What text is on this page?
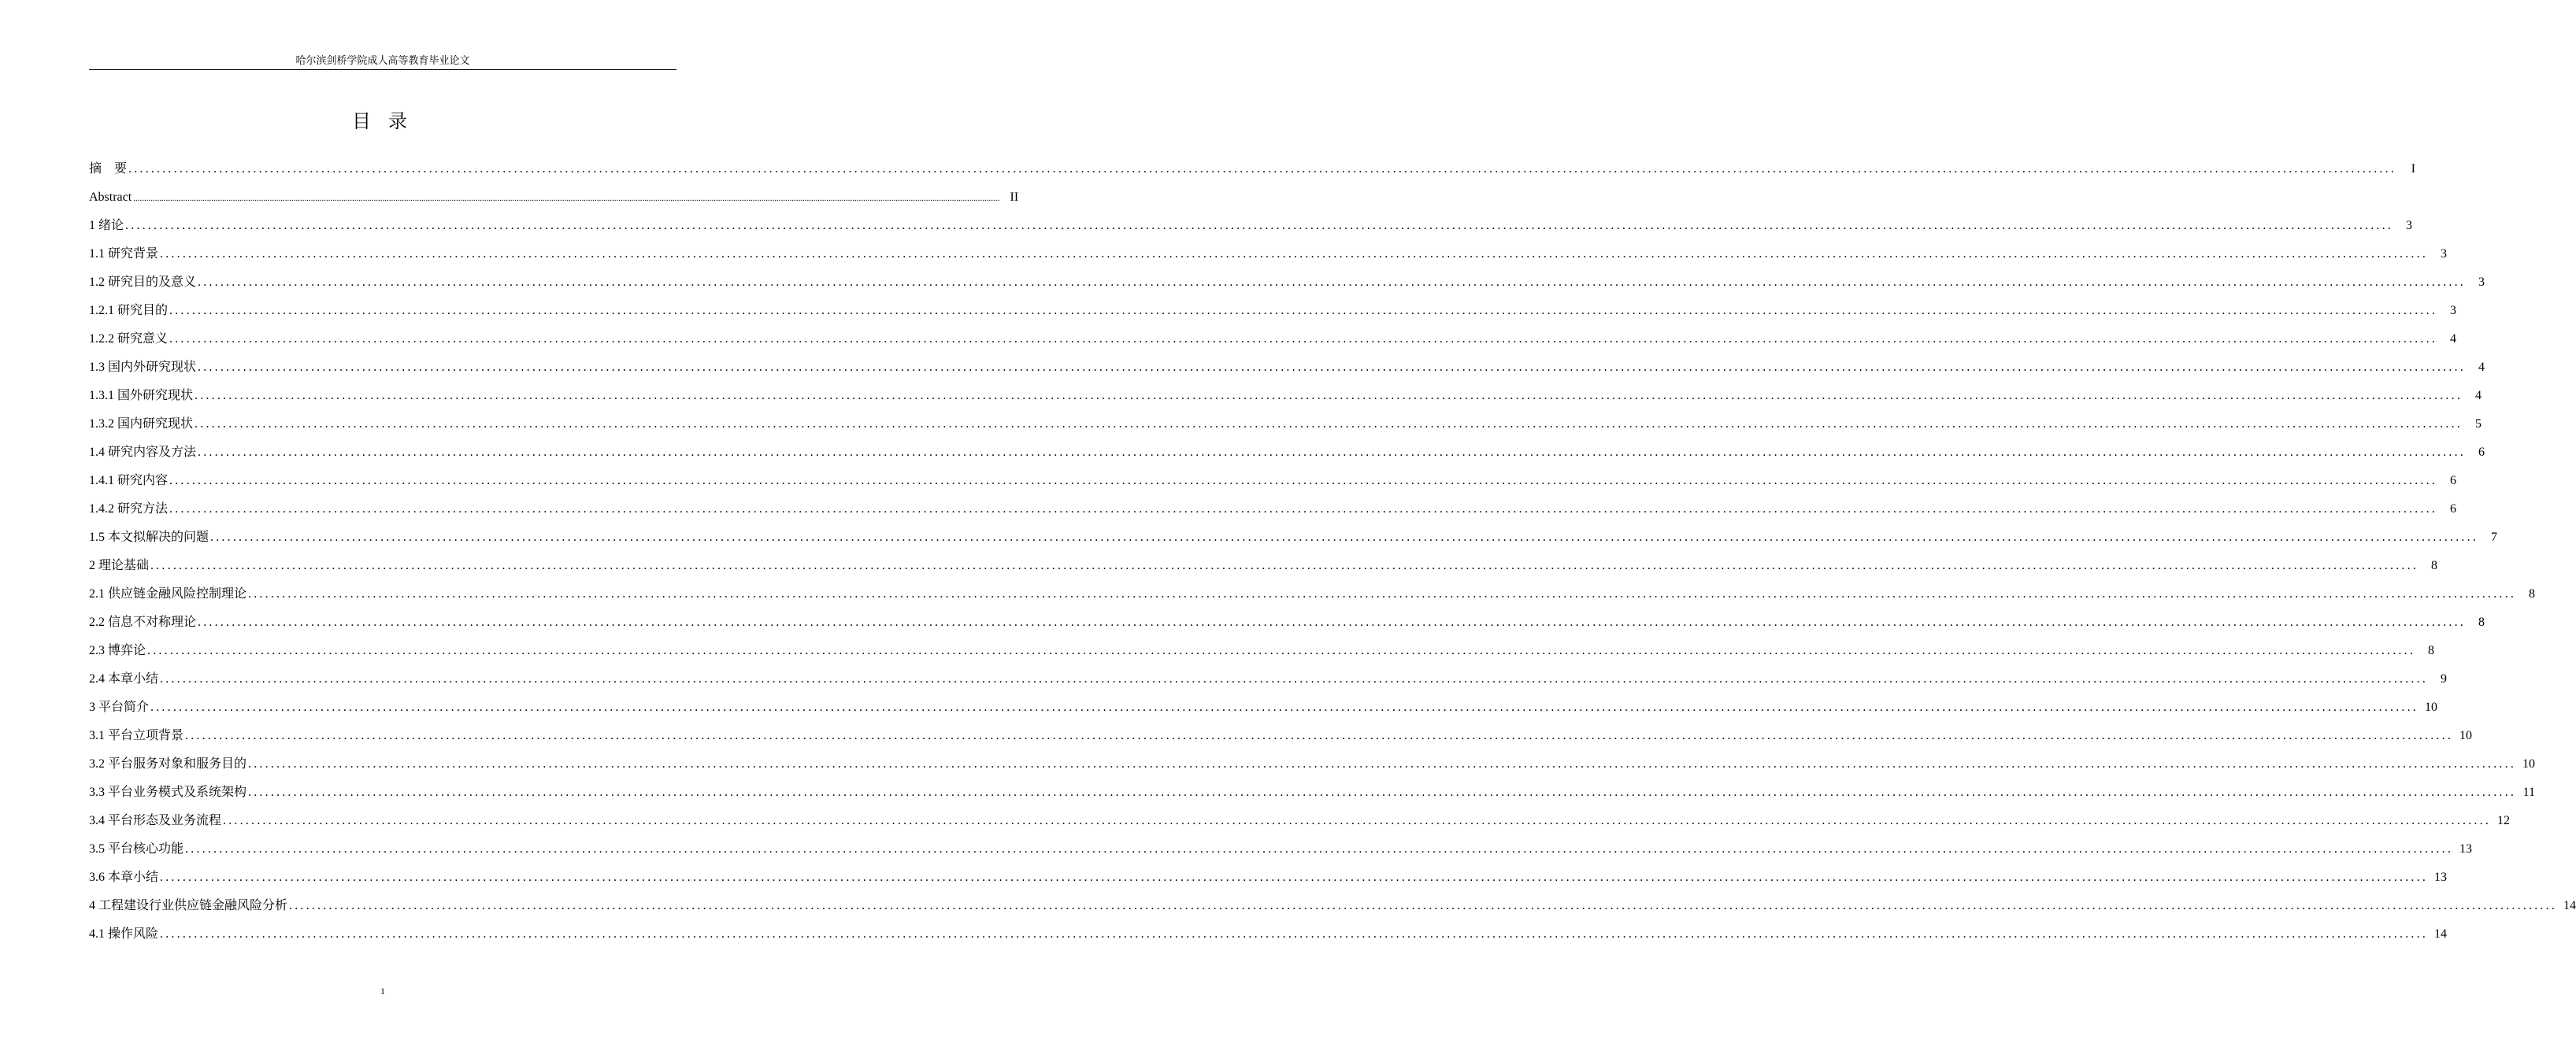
哈尔滨剑桥学院成人高等教育毕业论文
目 录
摘　要 ................................................................................................................................................................................................................................................................................................................................................................................................................	I
Abstract ................................................................................................................................................................................................................................................................................................................................................................................................................ II
1 绪论 ................................................................................................................................................................................................................................................................................................................................................................................................................	3
1.1 研究背景 ................................................................................................................................................................................................................................................................................................................................................................................................................	3
1.2 研究目的及意义 ................................................................................................................................................................................................................................................................................................................................................................................................................	3
1.2.1 研究目的 ................................................................................................................................................................................................................................................................................................................................................................................................................	3
1.2.2 研究意义 ................................................................................................................................................................................................................................................................................................................................................................................................................	4
1.3 国内外研究现状 ................................................................................................................................................................................................................................................................................................................................................................................................................	4
1.3.1 国外研究现状 ................................................................................................................................................................................................................................................................................................................................................................................................................	4
1.3.2 国内研究现状 ................................................................................................................................................................................................................................................................................................................................................................................................................	5
1.4 研究内容及方法 ................................................................................................................................................................................................................................................................................................................................................................................................................	6
1.4.1 研究内容 ................................................................................................................................................................................................................................................................................................................................................................................................................	6
1.4.2 研究方法 ................................................................................................................................................................................................................................................................................................................................................................................................................	6
1.5 本文拟解决的问题 ................................................................................................................................................................................................................................................................................................................................................................................................................	7
2 理论基础 ................................................................................................................................................................................................................................................................................................................................................................................................................	8
2.1 供应链金融风险控制理论 ................................................................................................................................................................................................................................................................................................................................................................................................................	8
2.2 信息不对称理论 ................................................................................................................................................................................................................................................................................................................................................................................................................	8
2.3 博弈论 ................................................................................................................................................................................................................................................................................................................................................................................................................	8
2.4 本章小结 ................................................................................................................................................................................................................................................................................................................................................................................................................	9
3 平台简介 ................................................................................................................................................................................................................................................................................................................................................................................................................ 10
3.1 平台立项背景 ................................................................................................................................................................................................................................................................................................................................................................................................................ 10
3.2 平台服务对象和服务目的 ................................................................................................................................................................................................................................................................................................................................................................................................................ 10
3.3 平台业务模式及系统架构 ................................................................................................................................................................................................................................................................................................................................................................................................................ 11
3.4 平台形态及业务流程 ................................................................................................................................................................................................................................................................................................................................................................................................................ 12
3.5 平台核心功能 ................................................................................................................................................................................................................................................................................................................................................................................................................ 13
3.6 本章小结 ................................................................................................................................................................................................................................................................................................................................................................................................................ 13
4 工程建设行业供应链金融风险分析 ................................................................................................................................................................................................................................................................................................................................................................................................................ 14
4.1 操作风险 ................................................................................................................................................................................................................................................................................................................................................................................................................ 14
1
